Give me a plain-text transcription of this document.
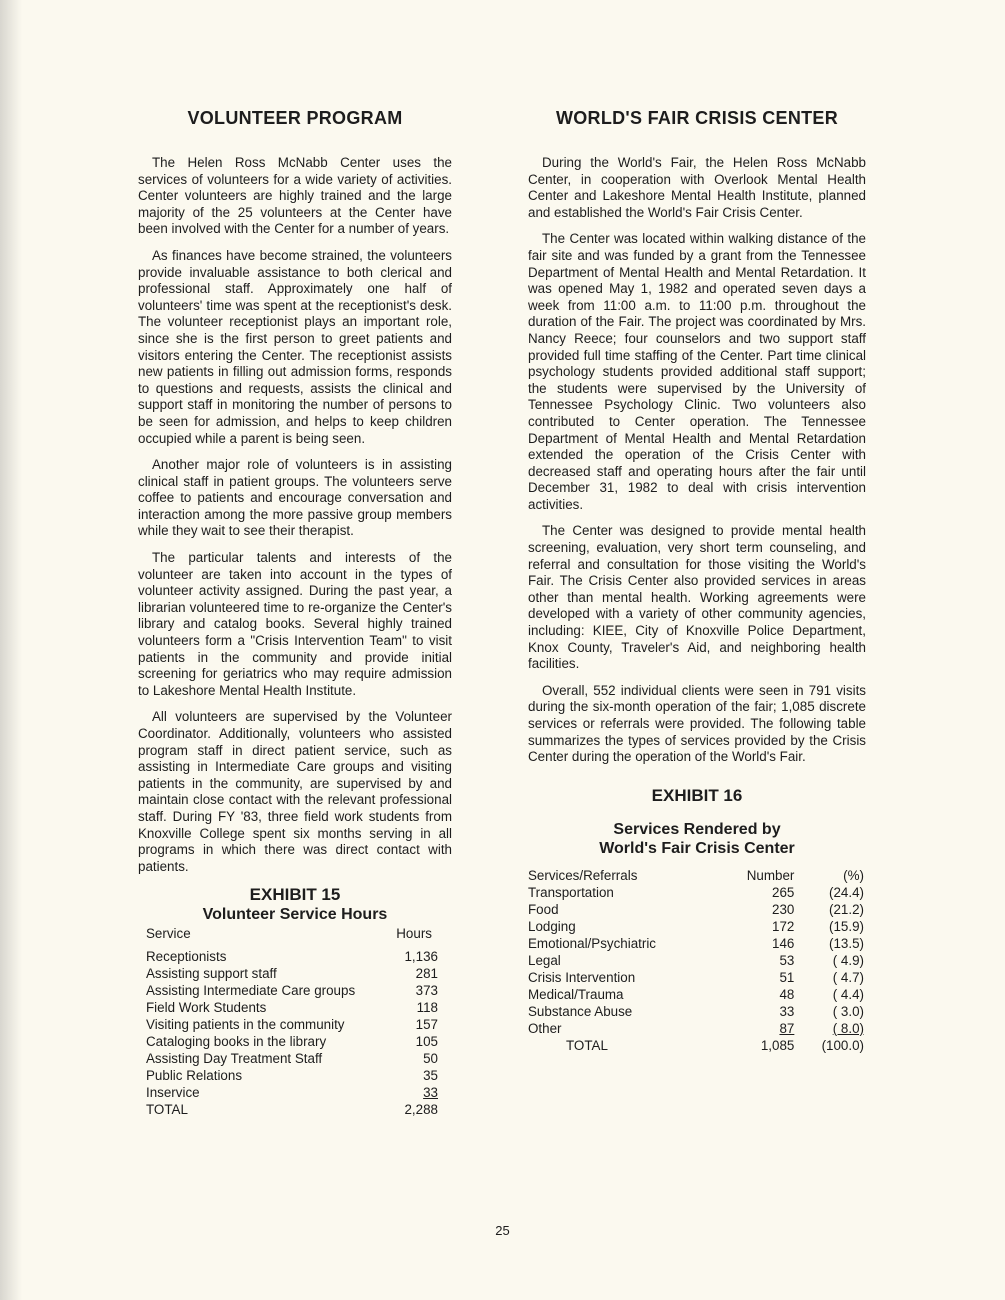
VOLUNTEER PROGRAM

The Helen Ross McNabb Center uses the services of volunteers for a wide variety of activities. Center volunteers are highly trained and the large majority of the 25 volunteers at the Center have been involved with the Center for a number of years.

As finances have become strained, the volunteers provide invaluable assistance to both clerical and professional staff. Approximately one half of volunteers' time was spent at the receptionist's desk. The volunteer receptionist plays an important role, since she is the first person to greet patients and visitors entering the Center. The receptionist assists new patients in filling out admission forms, responds to questions and requests, assists the clinical and support staff in monitoring the number of persons to be seen for admission, and helps to keep children occupied while a parent is being seen.

Another major role of volunteers is in assisting clinical staff in patient groups. The volunteers serve coffee to patients and encourage conversation and interaction among the more passive group members while they wait to see their therapist.

The particular talents and interests of the volunteer are taken into account in the types of volunteer activity assigned. During the past year, a librarian volunteered time to re-organize the Center's library and catalog books. Several highly trained volunteers form a "Crisis Intervention Team" to visit patients in the community and provide initial screening for geriatrics who may require admission to Lakeshore Mental Health Institute.

All volunteers are supervised by the Volunteer Coordinator. Additionally, volunteers who assisted program staff in direct patient service, such as assisting in Intermediate Care groups and visiting patients in the community, are supervised by and maintain close contact with the relevant professional staff. During FY '83, three field work students from Knoxville College spent six months serving in all programs in which there was direct contact with patients.

EXHIBIT 15

Volunteer Service Hours

Service	Hours
Receptionists	1,136
Assisting support staff	281
Assisting Intermediate Care groups	373
Field Work Students	118
Visiting patients in the community	157
Cataloging books in the library	105
Assisting Day Treatment Staff	50
Public Relations	35
Inservice	33
TOTAL	2,288
WORLD'S FAIR CRISIS CENTER

During the World's Fair, the Helen Ross McNabb Center, in cooperation with Overlook Mental Health Center and Lakeshore Mental Health Institute, planned and established the World's Fair Crisis Center.

The Center was located within walking distance of the fair site and was funded by a grant from the Tennessee Department of Mental Health and Mental Retardation. It was opened May 1, 1982 and operated seven days a week from 11:00 a.m. to 11:00 p.m. throughout the duration of the Fair. The project was coordinated by Mrs. Nancy Reece; four counselors and two support staff provided full time staffing of the Center. Part time clinical psychology students provided additional staff support; the students were supervised by the University of Tennessee Psychology Clinic. Two volunteers also contributed to Center operation. The Tennessee Department of Mental Health and Mental Retardation extended the operation of the Crisis Center with decreased staff and operating hours after the fair until December 31, 1982 to deal with crisis intervention activities.

The Center was designed to provide mental health screening, evaluation, very short term counseling, and referral and consultation for those visiting the World's Fair. The Crisis Center also provided services in areas other than mental health. Working agreements were developed with a variety of other community agencies, including: KIEE, City of Knoxville Police Department, Knox County, Traveler's Aid, and neighboring health facilities.

Overall, 552 individual clients were seen in 791 visits during the six-month operation of the fair; 1,085 discrete services or referrals were provided. The following table summarizes the types of services provided by the Crisis Center during the operation of the World's Fair.

EXHIBIT 16

Services Rendered by

World's Fair Crisis Center

Services/Referrals	Number	(%)
Transportation	265	(24.4)
Food	230	(21.2)
Lodging	172	(15.9)
Emotional/Psychiatric	146	(13.5)
Legal	53	( 4.9)
Crisis Intervention	51	( 4.7)
Medical/Trauma	48	( 4.4)
Substance Abuse	33	( 3.0)
Other	87	( 8.0)
TOTAL	1,085	(100.0)
25
